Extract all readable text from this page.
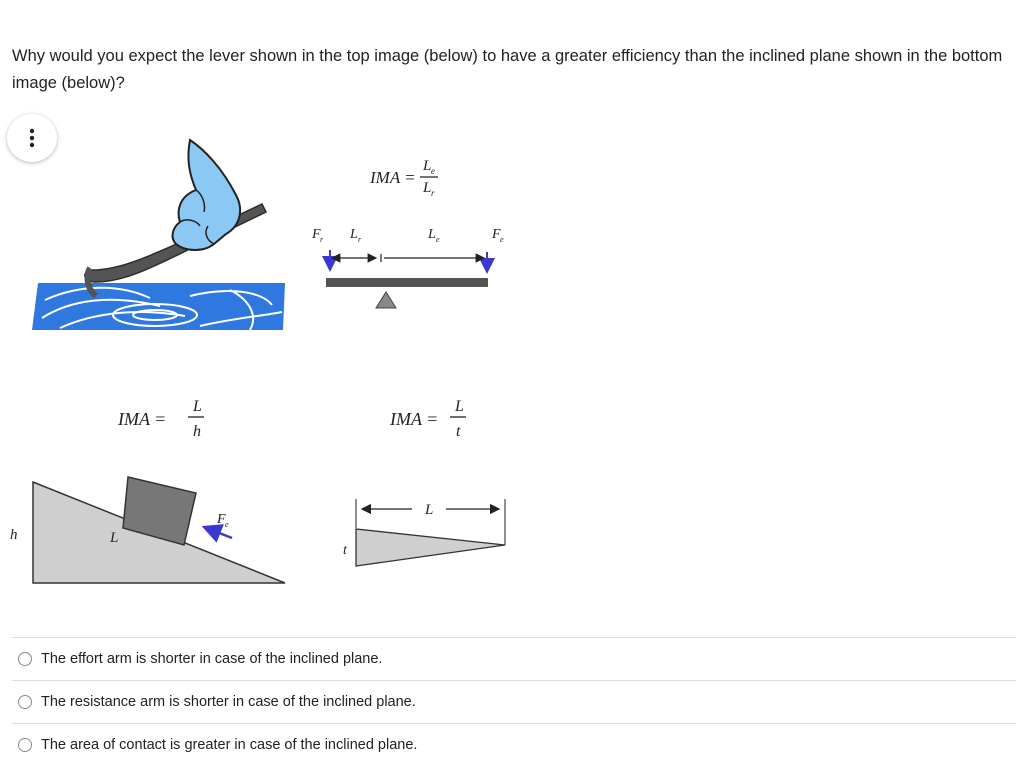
Why would you expect the lever shown in the top image (below) to have a greater efficiency than the inclined plane shown in the bottom image (below)?

IMA =
L e
L r
F r L r	L e	F e
IMA =
L
h
F e
h	L
IMA =
L
t
L
t
The effort arm is shorter in case of the inclined plane.
The resistance arm is shorter in case of the inclined plane.
The area of contact is greater in case of the inclined plane.
